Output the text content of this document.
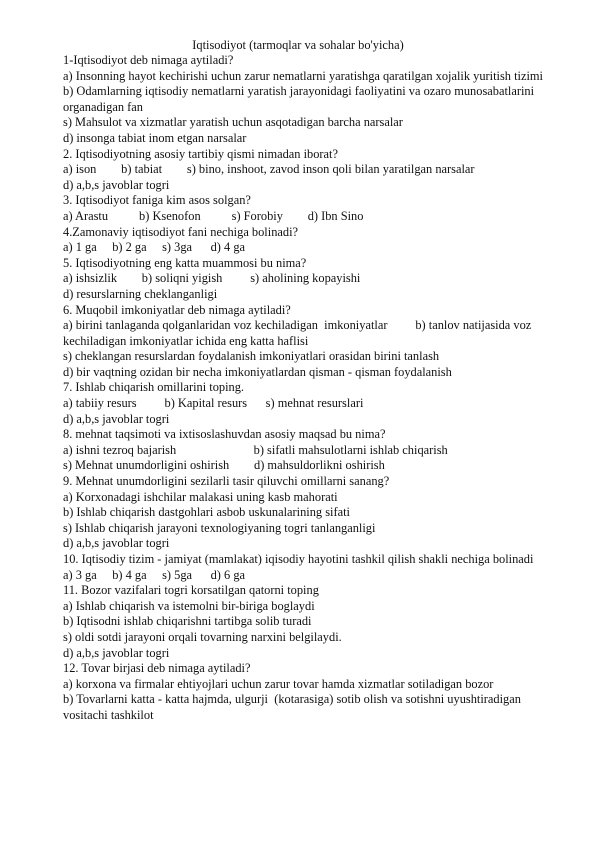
Iqtisodiyot (tarmoqlar va sohalar bo'yicha)
1-Iqtisodiyot deb nimaga aytiladi?
a) Insonning hayot kechirishi uchun zarur nematlarni yaratishga qaratilgan xojalik yuritish tizimi
b) Odamlarning iqtisodiy nematlarni yaratish jarayonidagi faoliyatini va ozaro munosabatlarini organadigan fan
s) Mahsulot va xizmatlar yaratish uchun asqotadigan barcha narsalar
d) insonga tabiat inom etgan narsalar
2. Iqtisodiyotning asosiy tartibiy qismi nimadan iborat?
a) ison        b) tabiat        s) bino, inshoot, zavod inson qoli bilan yaratilgan narsalar
d) a,b,s javoblar togri
3. Iqtisodiyot faniga kim asos solgan?
a) Arastu          b) Ksenofon          s) Forobiy        d) Ibn Sino
4.Zamonaviy iqtisodiyot fani nechiga bolinadi?
a) 1 ga     b) 2 ga     s) 3ga      d) 4 ga
5. Iqtisodiyotning eng katta muammosi bu nima?
a) ishsizlik        b) soliqni yigish         s) aholining kopayishi
d) resurslarning cheklanganligi
6. Muqobil imkoniyatlar deb nimaga aytiladi?
a) birini tanlaganda qolganlaridan voz kechiladigan  imkoniyatlar         b) tanlov natijasida voz kechiladigan imkoniyatlar ichida eng katta haflisi
s) cheklangan resurslardan foydalanish imkoniyatlari orasidan birini tanlash
d) bir vaqtning ozidan bir necha imkoniyatlardan qisman - qisman foydalanish
7. Ishlab chiqarish omillarini toping.
a) tabiiy resurs         b) Kapital resurs      s) mehnat resurslari
d) a,b,s javoblar togri
8. mehnat taqsimoti va ixtisoslashuvdan asosiy maqsad bu nima?
a) ishni tezroq bajarish                         b) sifatli mahsulotlarni ishlab chiqarish
s) Mehnat unumdorligini oshirish        d) mahsuldorlikni oshirish
9. Mehnat unumdorligini sezilarli tasir qiluvchi omillarni sanang?
a) Korxonadagi ishchilar malakasi uning kasb mahorati
b) Ishlab chiqarish dastgohlari asbob uskunalarining sifati
s) Ishlab chiqarish jarayoni texnologiyaning togri tanlanganligi
d) a,b,s javoblar togri
10. Iqtisodiy tizim - jamiyat (mamlakat) iqisodiy hayotini tashkil qilish shakli nechiga bolinadi
a) 3 ga     b) 4 ga     s) 5ga      d) 6 ga
11. Bozor vazifalari togri korsatilgan qatorni toping
a) Ishlab chiqarish va istemolni bir-biriga boglaydi
b) Iqtisodni ishlab chiqarishni tartibga solib turadi
s) oldi sotdi jarayoni orqali tovarning narxini belgilaydi.
d) a,b,s javoblar togri
12. Tovar birjasi deb nimaga aytiladi?
a) korxona va firmalar ehtiyojlari uchun zarur tovar hamda xizmatlar sotiladigan bozor
b) Tovarlarni katta - katta hajmda, ulgurji  (kotarasiga) sotib olish va sotishni uyushtiradigan vositachi tashkilot
